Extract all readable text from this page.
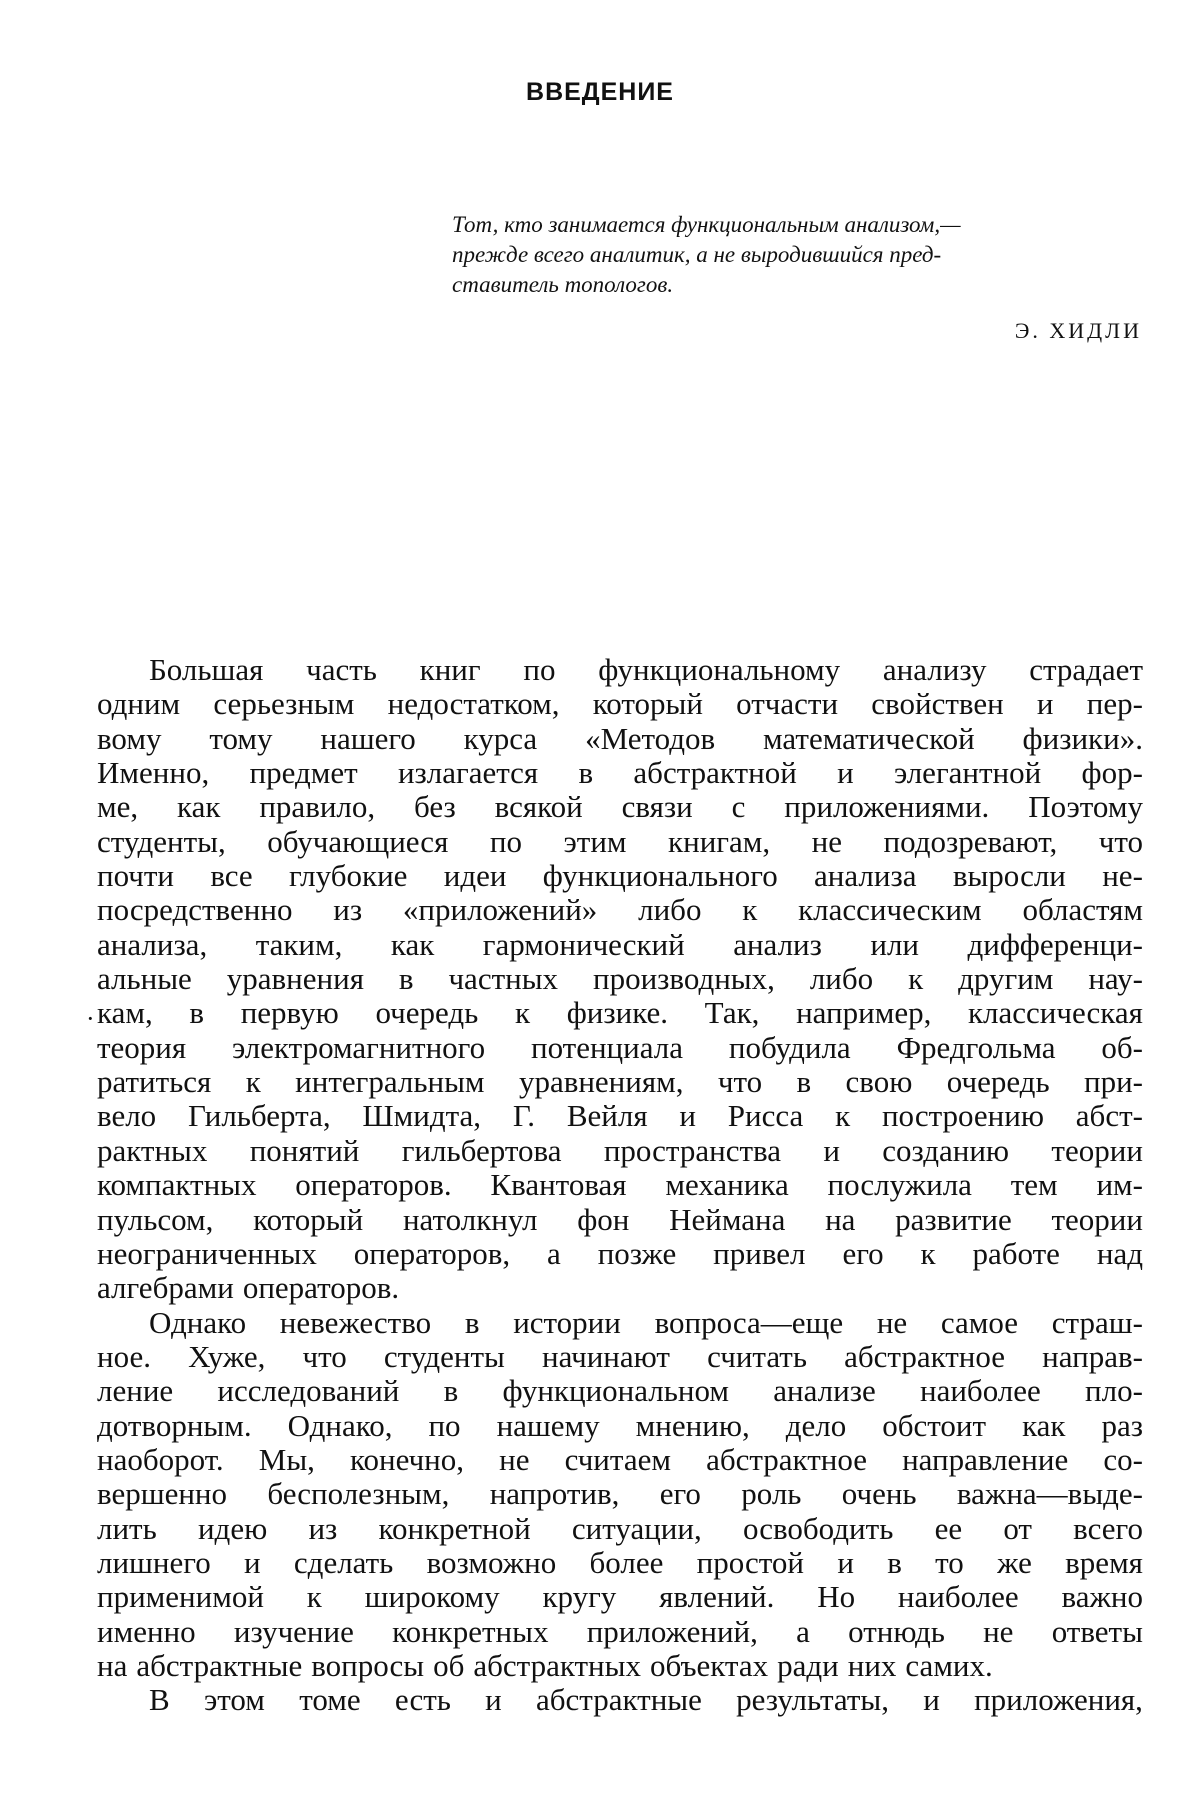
ВВЕДЕНИЕ

Тот, кто занимается функциональным анализом,—

прежде всего аналитик, а не выродившийся пред-

ставитель топологов.

Э. ХИДЛИ
·

Большая часть книг по функциональному анализу страдает

одним серьезным недостатком, который отчасти свойствен и пер-

вому тому нашего курса «Методов математической физики».

Именно, предмет излагается в абстрактной и элегантной фор-

ме, как правило, без всякой связи с приложениями. Поэтому

студенты, обучающиеся по этим книгам, не подозревают, что

почти все глубокие идеи функционального анализа выросли не-

посредственно из «приложений» либо к классическим областям

анализа, таким, как гармонический анализ или дифференци-

альные уравнения в частных производных, либо к другим нау-

кам, в первую очередь к физике. Так, например, классическая

теория электромагнитного потенциала побудила Фредгольма об-

ратиться к интегральным уравнениям, что в свою очередь при-

вело Гильберта, Шмидта, Г. Вейля и Рисса к построению абст-

рактных понятий гильбертова пространства и созданию теории

компактных операторов. Квантовая механика послужила тем им-

пульсом, который натолкнул фон Неймана на развитие теории

неограниченных операторов, а позже привел его к работе над

алгебрами операторов.

Однако невежество в истории вопроса—еще не самое страш-

ное. Хуже, что студенты начинают считать абстрактное направ-

ление исследований в функциональном анализе наиболее пло-

дотворным. Однако, по нашему мнению, дело обстоит как раз

наоборот. Мы, конечно, не считаем абстрактное направление со-

вершенно бесполезным, напротив, его роль очень важна—выде-

лить идею из конкретной ситуации, освободить ее от всего

лишнего и сделать возможно более простой и в то же время

применимой к широкому кругу явлений. Но наиболее важно

именно изучение конкретных приложений, а отнюдь не ответы

на абстрактные вопросы об абстрактных объектах ради них самих.

В этом томе есть и абстрактные результаты, и приложения,
